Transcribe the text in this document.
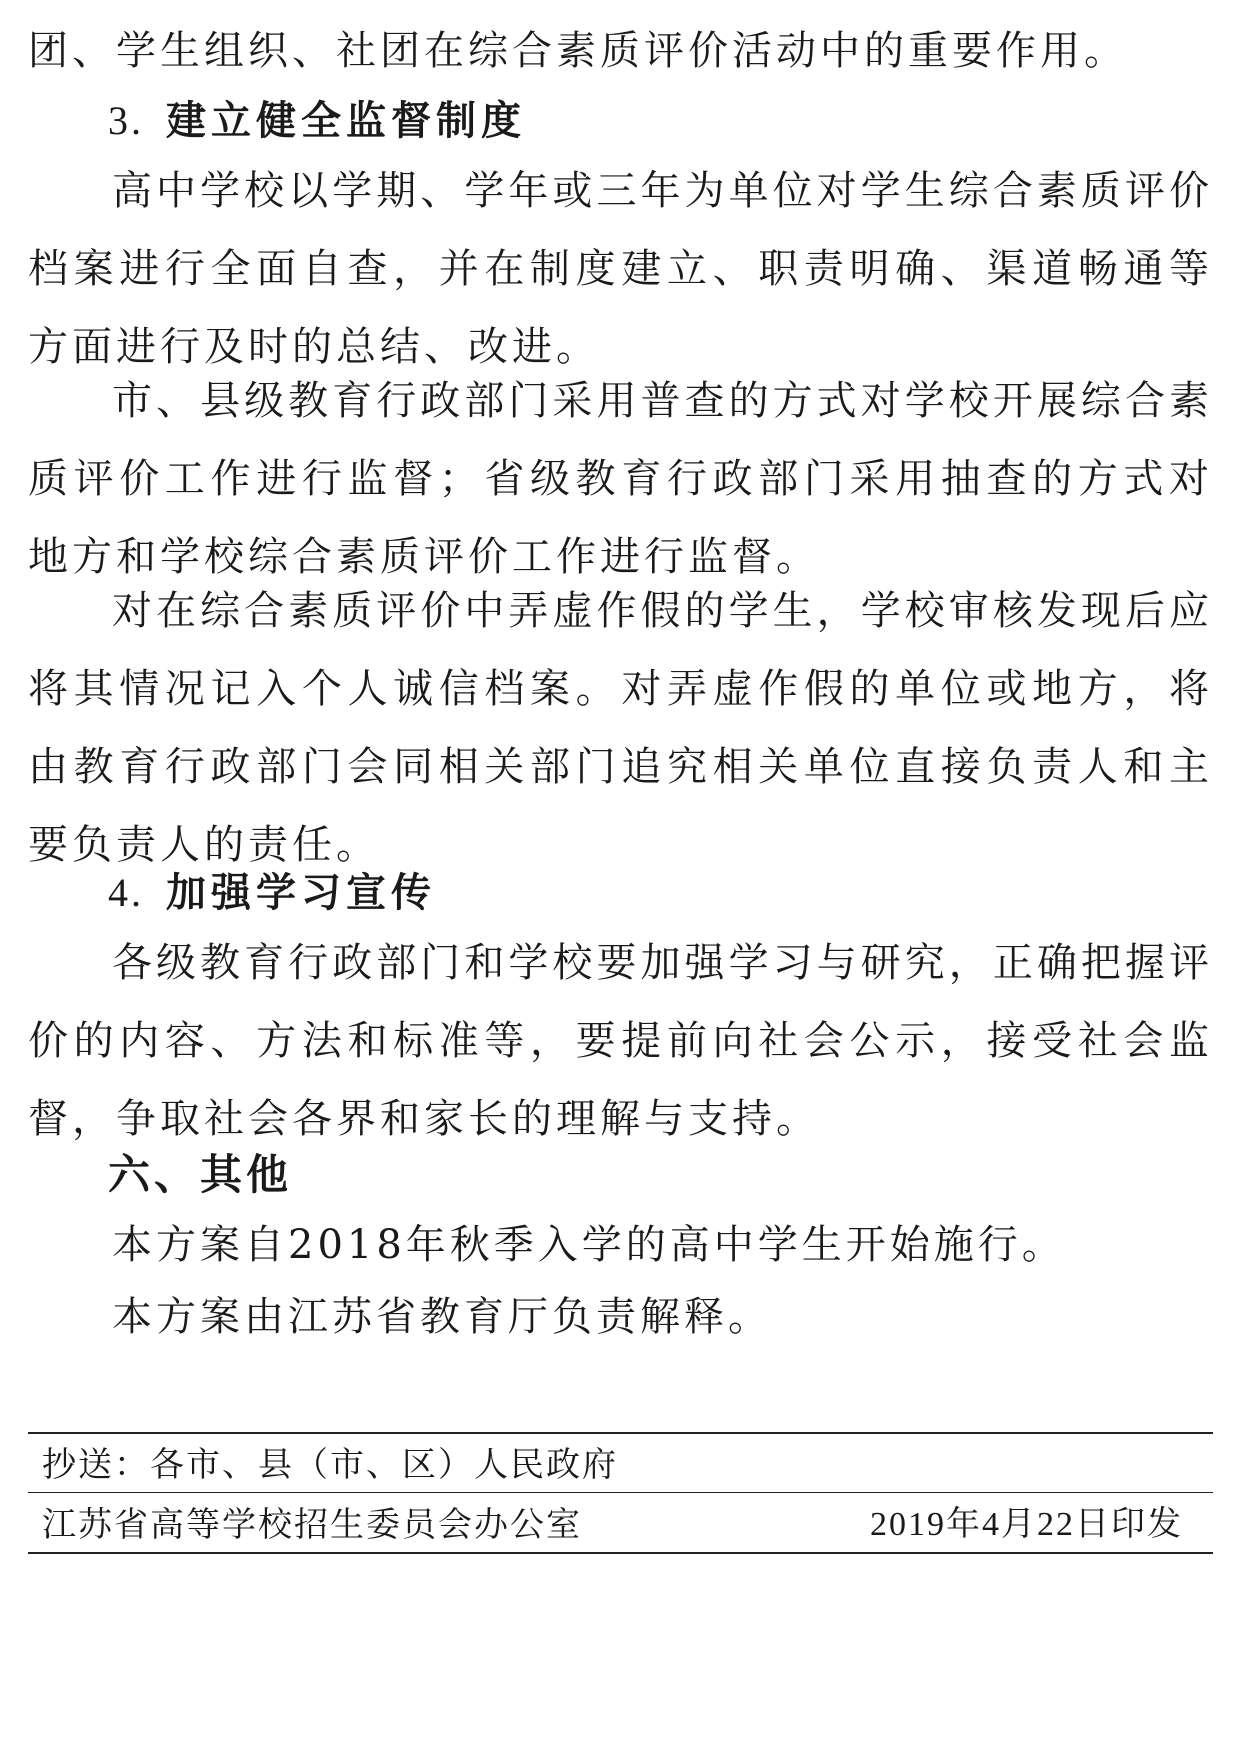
团、学生组织、社团在综合素质评价活动中的重要作用。

3. 建立健全监督制度

高中学校以学期、学年或三年为单位对学生综合素质评价档案进行全面自查，并在制度建立、职责明确、渠道畅通等方面进行及时的总结、改进。

市、县级教育行政部门采用普查的方式对学校开展综合素质评价工作进行监督；省级教育行政部门采用抽查的方式对地方和学校综合素质评价工作进行监督。

对在综合素质评价中弄虚作假的学生，学校审核发现后应将其情况记入个人诚信档案。对弄虚作假的单位或地方，将由教育行政部门会同相关部门追究相关单位直接负责人和主要负责人的责任。

4. 加强学习宣传

各级教育行政部门和学校要加强学习与研究，正确把握评价的内容、方法和标准等，要提前向社会公示，接受社会监督，争取社会各界和家长的理解与支持。

六、其他

本方案自2018年秋季入学的高中学生开始施行。

本方案由江苏省教育厅负责解释。

抄送：各市、县（市、区）人民政府

江苏省高等学校招生委员会办公室	2019年4月22日印发
